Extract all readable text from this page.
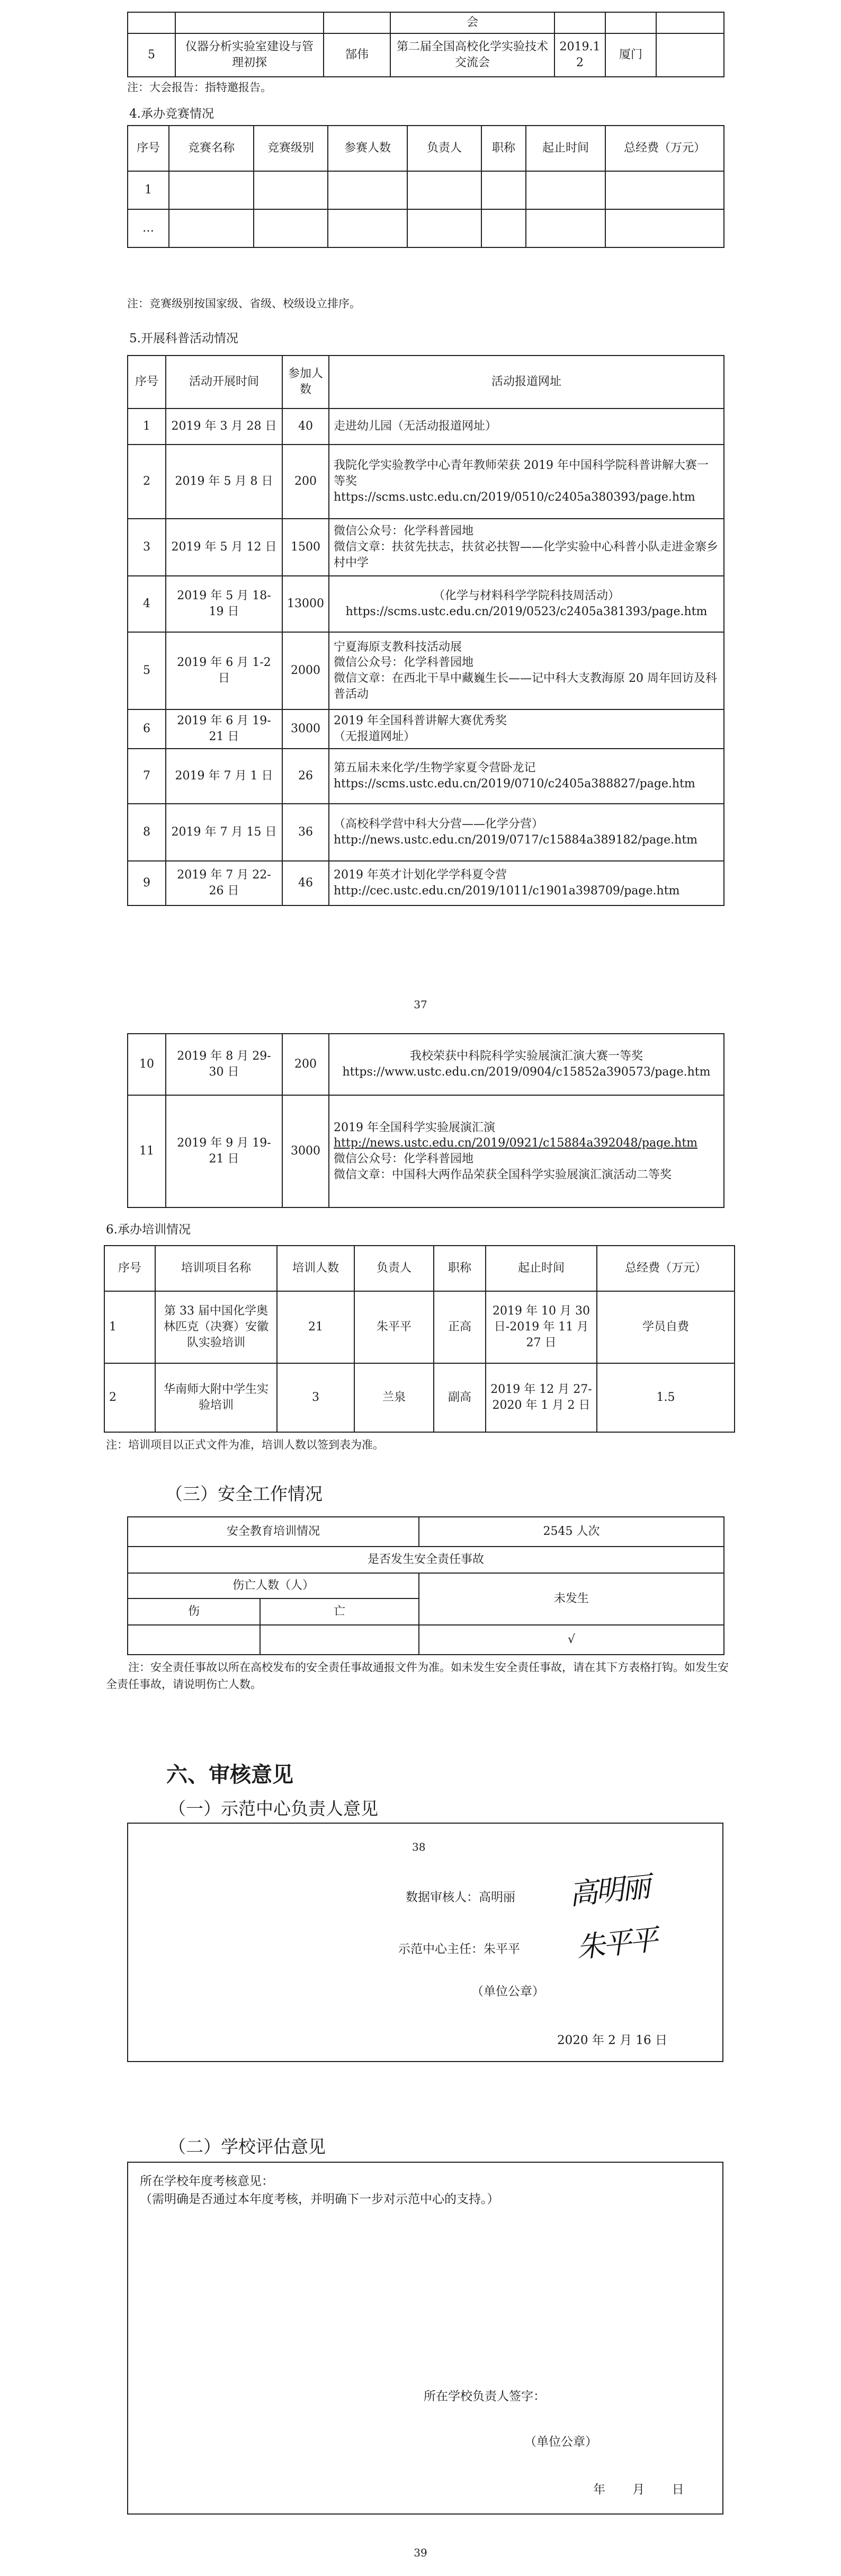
			会			
5	仪器分析实验室建设与管理初探	郜伟	第二届全国高校化学实验技术交流会	2019.12	厦门	
注：大会报告：指特邀报告。
4.承办竞赛情况
序号	竞赛名称	竞赛级别	参赛人数	负责人	职称	起止时间	总经费（万元）
1							
…							
注：竞赛级别按国家级、省级、校级设立排序。
5.开展科普活动情况
序号	活动开展时间	参加人数	活动报道网址
1	2019 年 3 月 28 日	40	走进幼儿园（无活动报道网址）

2	2019 年 5 月 8 日	200	我院化学实验教学中心青年教师荣获 2019 年中国科学院科普讲解大赛一等奖
https://scms.ustc.edu.cn/2019/0510/c2405a380393/page.htm

3	2019 年 5 月 12 日	1500	微信公众号：化学科普园地
微信文章：扶贫先扶志，扶贫必扶智——化学实验中心科普小队走进金寨乡村中学

4	2019 年 5 月 18-19 日	13000	（化学与材料科学学院科技周活动）
https://scms.ustc.edu.cn/2019/0523/c2405a381393/page.htm

5	2019 年 6 月 1-2 日	2000	宁夏海原支教科技活动展
微信公众号：化学科普园地
微信文章：在西北干旱中藏巍生长——记中科大支教海原 20 周年回访及科普活动

6	2019 年 6 月 19-21 日	3000	2019 年全国科普讲解大赛优秀奖
（无报道网址）

7	2019 年 7 月 1 日	26	第五届未来化学/生物学家夏令营卧龙记
https://scms.ustc.edu.cn/2019/0710/c2405a388827/page.htm

8	2019 年 7 月 15 日	36	（高校科学营中科大分营——化学分营）
http://news.ustc.edu.cn/2019/0717/c15884a389182/page.htm

9	2019 年 7 月 22-26 日	46	2019 年英才计划化学学科夏令营
http://cec.ustc.edu.cn/2019/1011/c1901a398709/page.htm
37
10	2019 年 8 月 29-30 日	200	我校荣获中科院科学实验展演汇演大赛一等奖
https://www.ustc.edu.cn/2019/0904/c15852a390573/page.htm

11	2019 年 9 月 19-21 日	3000	2019 年全国科学实验展演汇演
http://news.ustc.edu.cn/2019/0921/c15884a392048/page.htm
微信公众号：化学科普园地
微信文章：中国科大两作品荣获全国科学实验展演汇演活动二等奖
6.承办培训情况
序号	培训项目名称	培训人数	负责人	职称	起止时间	总经费（万元）
1	第 33 届中国化学奥林匹克（决赛）安徽队实验培训	21	朱平平	正高	2019 年 10 月 30 日-2019 年 11 月 27 日	学员自费
2	华南师大附中学生实验培训	3	兰泉	副高	2019 年 12 月 27-2020 年 1 月 2 日	1.5
注：培训项目以正式文件为准，培训人数以签到表为准。
（三）安全工作情况
安全教育培训情况		2545 人次
是否发生安全责任事故		
伤亡人数（人）		未发生
伤	亡	
		√
注：安全责任事故以所在高校发布的安全责任事故通报文件为准。如未发生安全责任事故，请在其下方表格打钩。如发生安全责任事故，请说明伤亡人数。
六、审核意见
（一）示范中心负责人意见
38
数据审核人：高明丽 高明丽
示范中心主任：朱平平 朱平平
（单位公章）
2020 年 2 月 16 日
（二）学校评估意见
所在学校年度考核意见：
（需明确是否通过本年度考核，并明确下一步对示范中心的支持。）
所在学校负责人签字：
（单位公章）
年 月 日
39
